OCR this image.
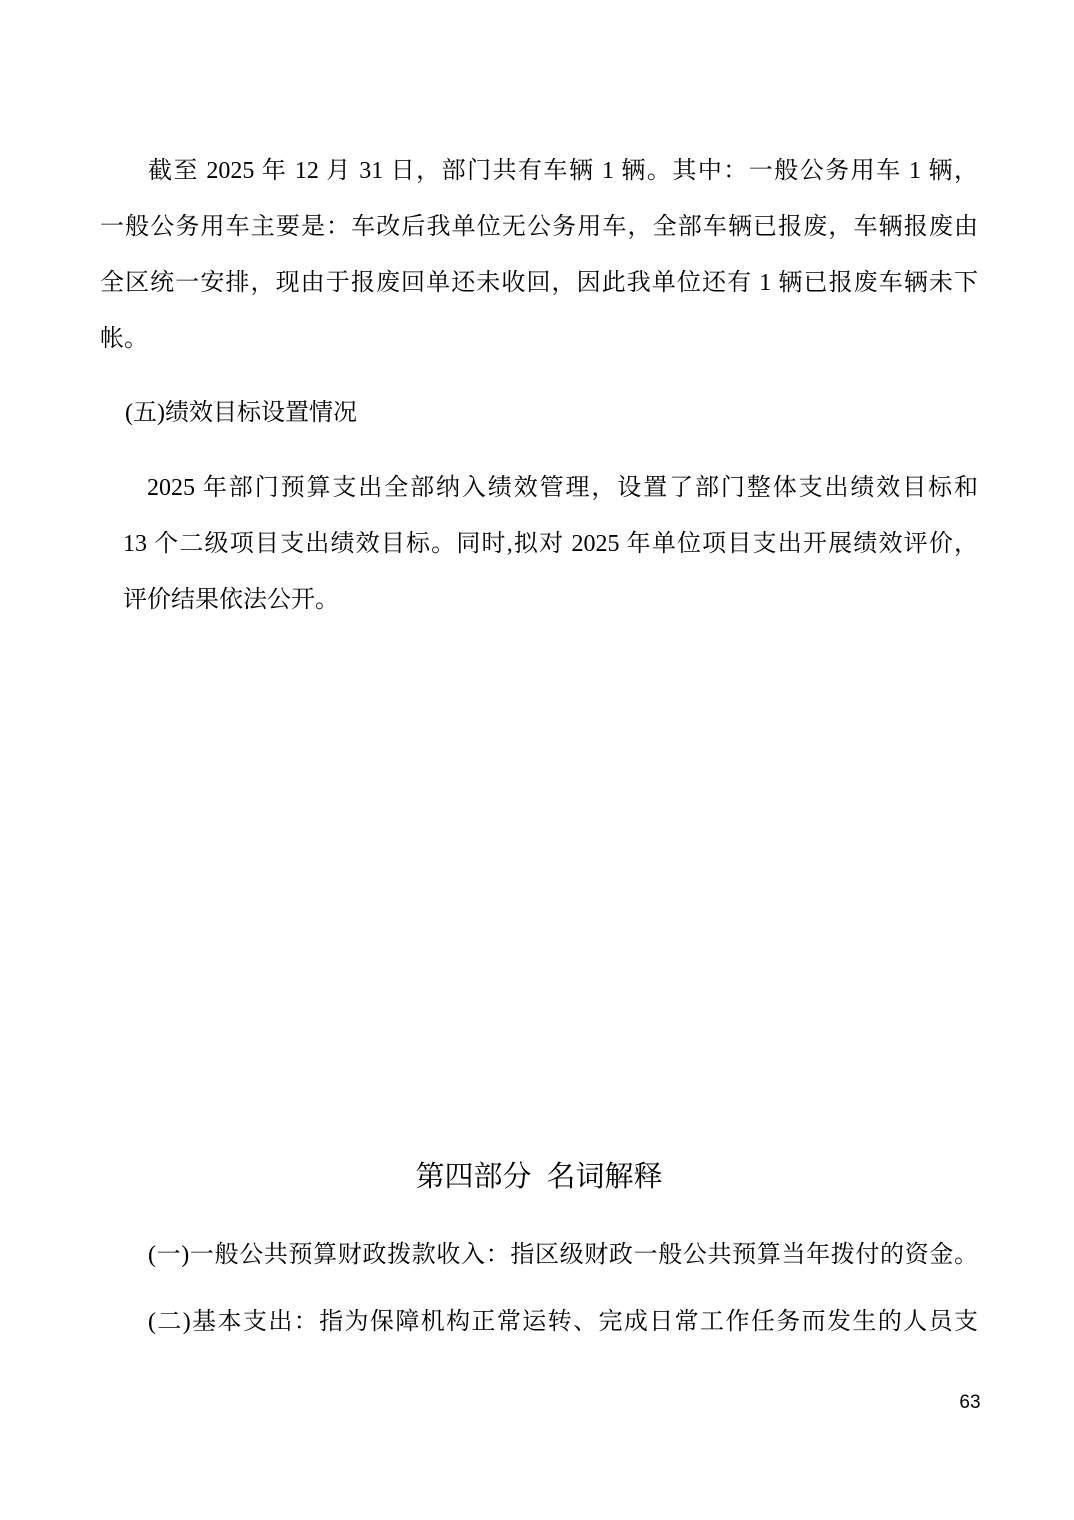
截至 2025 年 12 月 31 日，部门共有车辆 1 辆。其中：一般公务用车 1 辆，
一般公务用车主要是：车改后我单位无公务用车，全部车辆已报废，车辆报废由
全区统一安排，现由于报废回单还未收回，因此我单位还有 1 辆已报废车辆未下
帐。
(五)绩效目标设置情况
2025 年部门预算支出全部纳入绩效管理，设置了部门整体支出绩效目标和
13 个二级项目支出绩效目标。同时,拟对 2025 年单位项目支出开展绩效评价，
评价结果依法公开。
第四部分 名词解释
(一)一般公共预算财政拨款收入：指区级财政一般公共预算当年拨付的资金。
(二)基本支出：指为保障机构正常运转、完成日常工作任务而发生的人员支
63
